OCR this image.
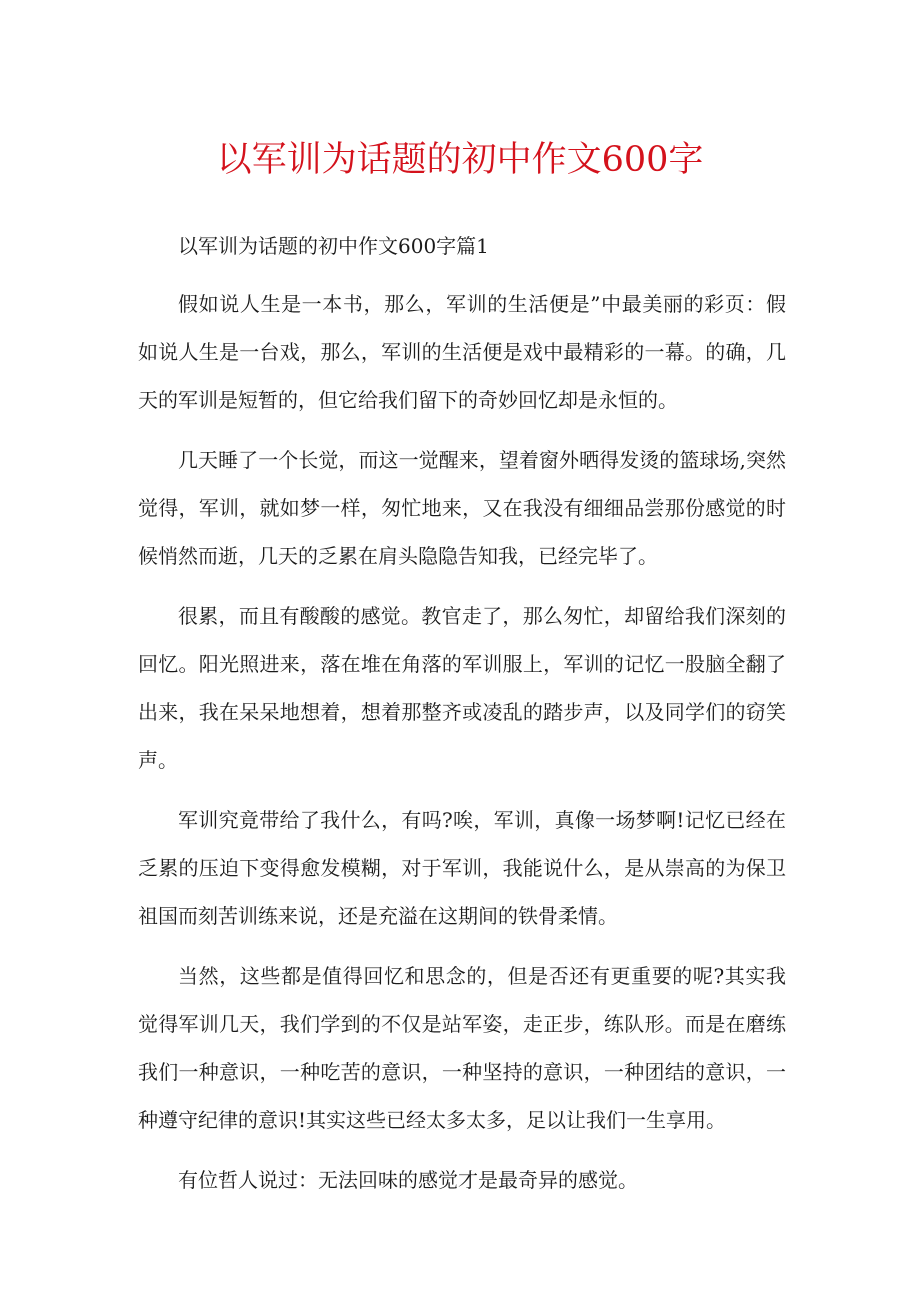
以军训为话题的初中作文600字

以军训为话题的初中作文600字篇1

假如说人生是一本书，那么，军训的生活便是”中最美丽的彩页：假如说人生是一台戏，那么，军训的生活便是戏中最精彩的一幕。的确，几天的军训是短暂的，但它给我们留下的奇妙回忆却是永恒的。

几天睡了一个长觉，而这一觉醒来，望着窗外晒得发烫的篮球场,突然觉得，军训，就如梦一样，匆忙地来，又在我没有细细品尝那份感觉的时候悄然而逝，几天的乏累在肩头隐隐告知我，已经完毕了。

很累，而且有酸酸的感觉。教官走了，那么匆忙，却留给我们深刻的回忆。阳光照进来，落在堆在角落的军训服上，军训的记忆一股脑全翻了出来，我在呆呆地想着，想着那整齐或凌乱的踏步声，以及同学们的窃笑声。

军训究竟带给了我什么，有吗?唉，军训，真像一场梦啊!记忆已经在乏累的压迫下变得愈发模糊，对于军训，我能说什么，是从崇高的为保卫祖国而刻苦训练来说，还是充溢在这期间的铁骨柔情。

当然，这些都是值得回忆和思念的，但是否还有更重要的呢?其实我觉得军训几天，我们学到的不仅是站军姿，走正步，练队形。而是在磨练我们一种意识，一种吃苦的意识，一种坚持的意识，一种团结的意识，一种遵守纪律的意识!其实这些已经太多太多，足以让我们一生享用。

有位哲人说过：无法回味的感觉才是最奇异的感觉。
